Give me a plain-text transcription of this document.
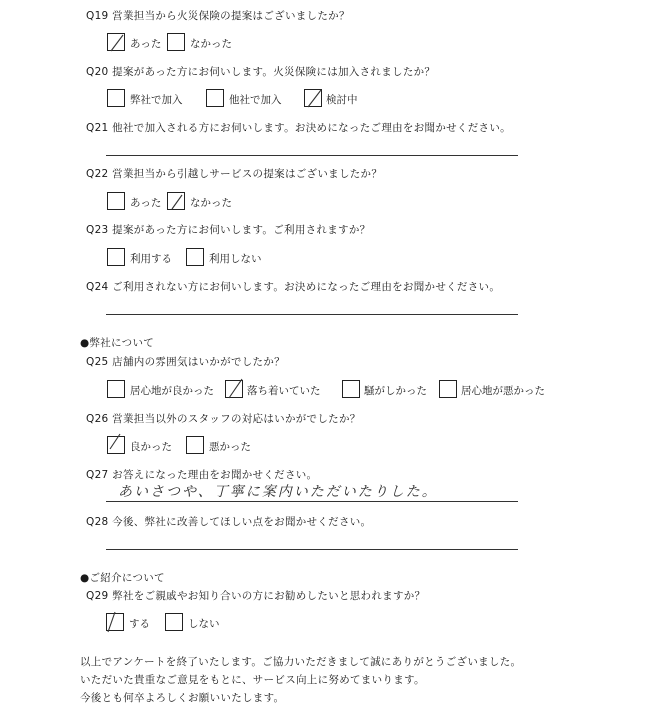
Q19 営業担当から火災保険の提案はございましたか？
あった	なかった
Q20 提案があった方にお伺いします。火災保険には加入されましたか？
弊社で加入	他社で加入	検討中
Q21 他社で加入される方にお伺いします。お決めになったご理由をお聞かせください。
Q22 営業担当から引越しサービスの提案はございましたか？
あった	なかった
Q23 提案があった方にお伺いします。ご利用されますか？
利用する	利用しない
Q24 ご利用されない方にお伺いします。お決めになったご理由をお聞かせください。
●弊社について
Q25 店舗内の雰囲気はいかがでしたか？
居心地が良かった	落ち着いていた	騒がしかった	居心地が悪かった
Q26 営業担当以外のスタッフの対応はいかがでしたか？
良かった	悪かった
Q27 お答えになった理由をお聞かせください。
あいさつや、丁寧に案内いただいたりした。
Q28 今後、弊社に改善してほしい点をお聞かせください。
●ご紹介について
Q29 弊社をご親戚やお知り合いの方にお勧めしたいと思われますか？
する	しない
以上でアンケートを終了いたします。ご協力いただきまして誠にありがとうございました。
いただいた貴重なご意見をもとに、サービス向上に努めてまいります。
今後とも何卒よろしくお願いいたします。
